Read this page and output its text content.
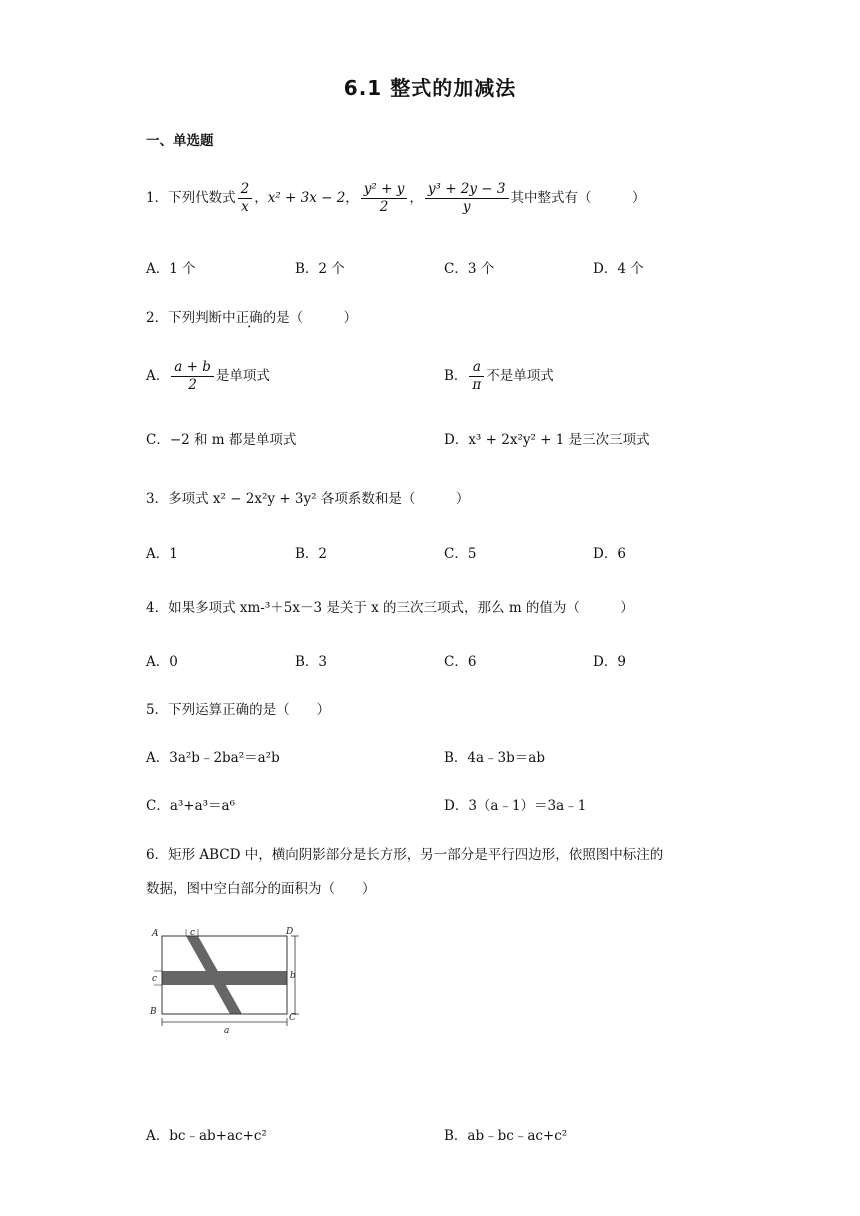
6.1 整式的加减法
一、单选题
1．下列代数式 $\frac{2}{x}$ ，x² + 3x − 2， $\frac{\text{y² + y}}{2}$ ， $\frac{\text{y³ + 2y − 3}}{y}$ 其中整式有（　　　）
A．1 个	B．2 个	C．3 个	D．4 个
2．下列判断中正确的是（　　　）
A． $\frac{a + b}{2}$ 是单项式	B． $\frac{a}{\pi}$ 不是单项式
C．−2 和 m 都是单项式	D．x³ + 2x²y² + 1 是三次三项式
3．多项式 x² − 2x²y + 3y² 各项系数和是（　　　）
A．1	B．2	C．5	D．6
4．如果多项式 xm-³＋5x－3 是关于 x 的三次三项式，那么 m 的值为（　　　）
A．0	B．3	C．6	D．9
5．下列运算正确的是（　　）
A．3a²b﹣2ba²＝a²b	B．4a﹣3b＝ab
C．a³+a³＝a⁶	D．3（a﹣1）＝3a﹣1
6．矩形 ABCD 中，横向阴影部分是长方形，另一部分是平行四边形，依照图中标注的
数据，图中空白部分的面积为（　　）
A	D
B
C
c
c	b
a
A．bc﹣ab+ac+c²	B．ab﹣bc﹣ac+c²
